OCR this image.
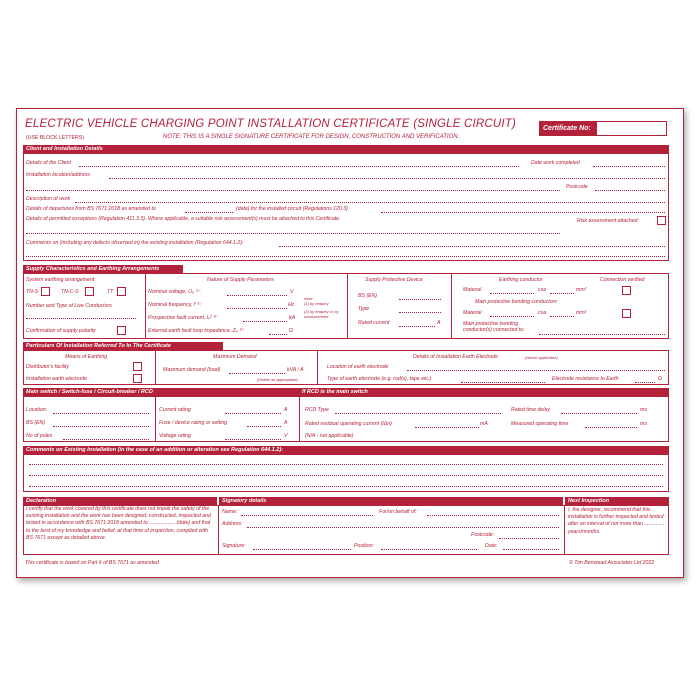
ELECTRIC VEHICLE CHARGING POINT INSTALLATION CERTIFICATE (SINGLE CIRCUIT)
(USE BLOCK LETTERS)	NOTE: THIS IS A SINGLE SIGNATURE CERTIFICATE FOR DESIGN, CONSTRUCTION AND VERIFICATION.
Certificate No:
Client and Installation Details
Details of the Client	Date work completed
Installation location/address
Postcode
Description of work
Details of departures from BS 7671:2018 as amended to	(date) for the installed circuit (Regulations 120.3)
Details of permitted exceptions (Regulation 411.3.3). Where applicable, a suitable risk assessment(s) must be attached to this Certificate.	Risk assessment attached
Comments on (including any defects observed in) the existing installation (Regulation 644.1.2):
Supply Characteristics and Earthing Arrangements
System earthing arrangement:
TN-S	TN-C-S	TT
Number and Type of Live Conductors
Confirmation of supply polarity
Nature of Supply Parameters
Nominal voltage, U₀ ⁽¹⁾	V
Nominal frequency, f ⁽¹⁾	Hz
Note:
(1) by enquiry
(2) by enquiry or by measurement
Prospective fault current, Iₚᶠ ⁽²⁾	kA
External earth fault loop impedance, Zₑ ⁽²⁾	Ω
Supply Protective Device
BS (EN)
Type
Rated current	A
Earthing conductor	Connection verified
Material	csa	mm²
Main protective bonding conductors
Material	csa	mm²
Main protective bonding conductor(s) connected to:
Particulars Of Installation Referred To In The Certificate
Means of Earthing
Distributor's facility
Installation earth electrode
Maximum Demand
Maximum demand (load)	kVA / A
(Delete as appropriate)
Details of Installation Earth Electrode	(where applicable)
Location of earth electrode
Type of earth electrode (e.g. rod(s), tape etc.)	Electrode resistance to Earth	Ω
Main switch / Switch-fuse / Circuit-breaker / RCD	If RCD is the main switch
Location:
BS (EN)
No of poles
Current rating	A
Fuse / device rating or setting	A
Voltage rating	V
RCD Type
Rated residual operating current (IΔn)	mA
(N/A - not applicable)
Rated time delay	ms
Measured operating time	ms
Comments on Existing Installation (in the case of an addition or alteration see Regulation 644.1.2):
Declaration	Signatory details	Next Inspection
I certify that the work covered by this certificate does not impair the safety of the existing installation and the work has been designed, constructed, inspected and tested in accordance with BS 7671:2018 amended to .................. (date) and that to the best of my knowledge and belief, at that time of inspection, complied with BS 7671 except as detailed above.
Name:	For/on behalf of:
Address:
Postcode:
Signature:	Position:	Date:
I, the designer, recommend that this installation is further inspected and tested after an interval of not more than .............. years/months.
This certificate is based on Part 6 of BS 7671 as amended	© Tim Benstead Associates Ltd 2022
